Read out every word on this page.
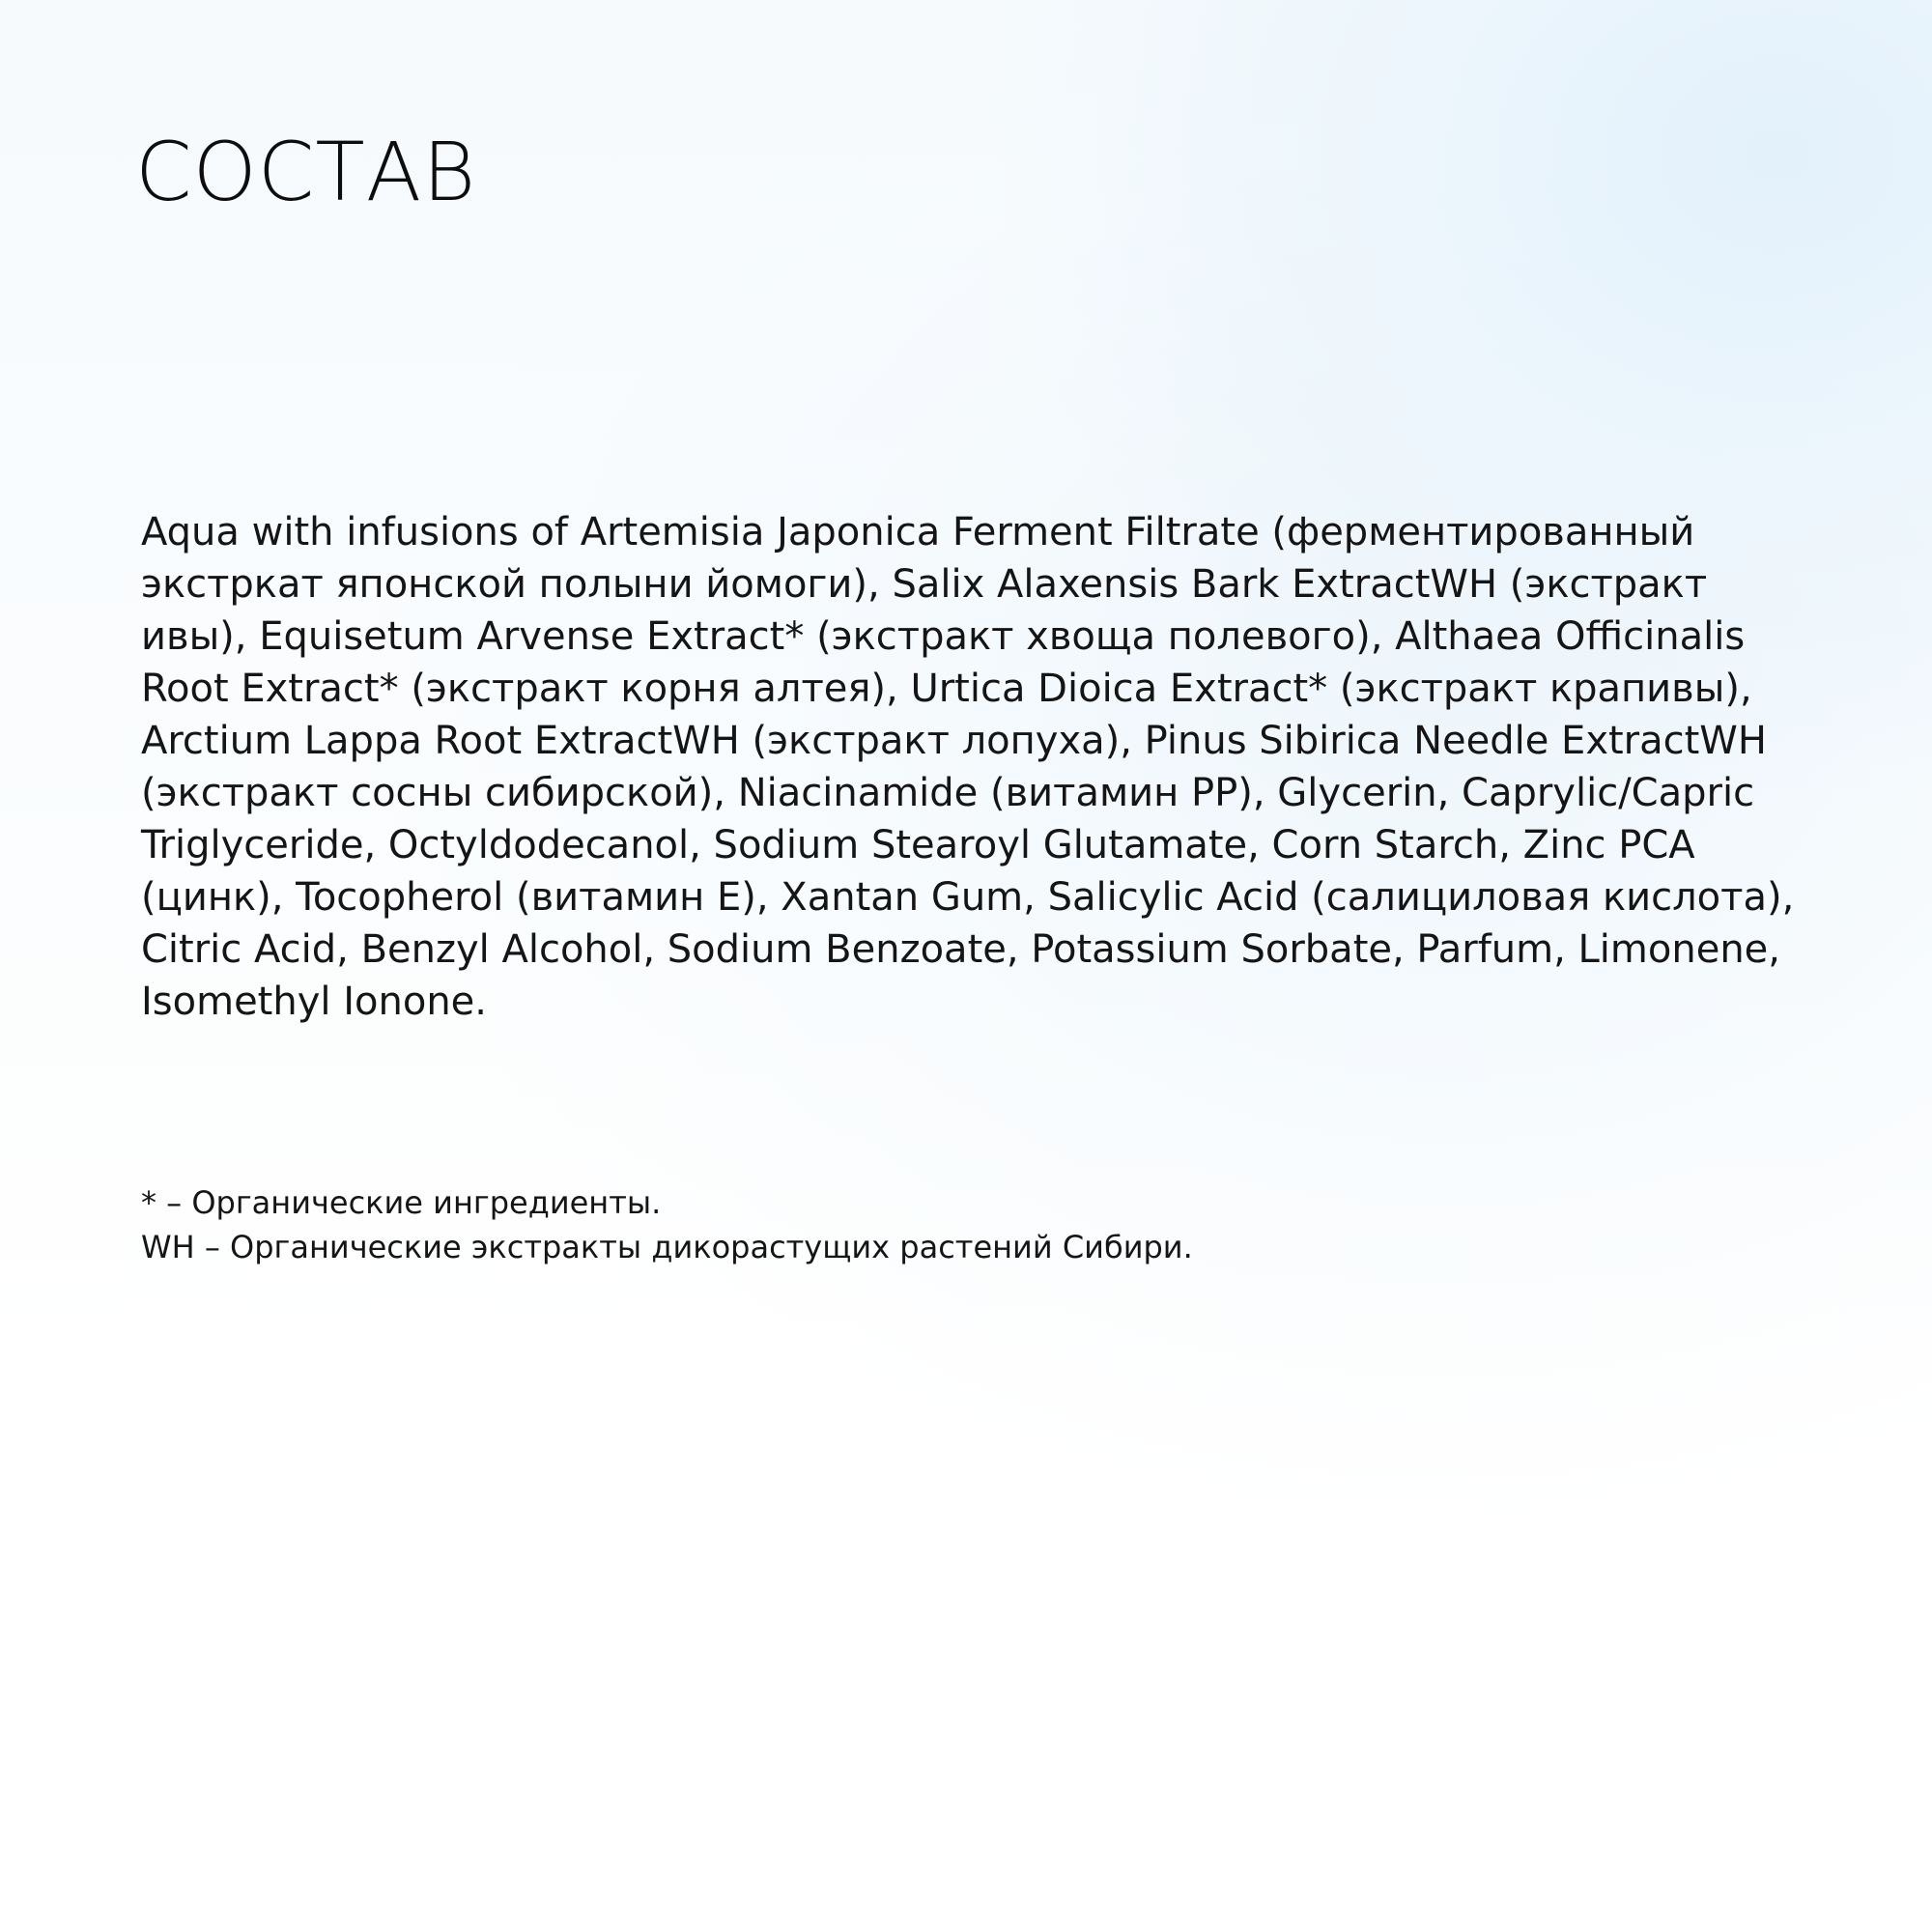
СОСТАВ

Aqua with infusions of Artemisia Japonica Ferment Filtrate (ферментированный экстркат японской полыни йомоги), Salix Alaxensis Bark ExtractWH (экстракт ивы), Equisetum Arvense Extract* (экстракт хвоща полевого), Althaea Officinalis Root Extract* (экстракт корня алтея), Urtica Dioica Extract* (экстракт крапивы), Arctium Lappa Root ExtractWH (экстракт лопуха), Pinus Sibirica Needle ExtractWH (экстракт сосны сибирской), Niacinamide (витамин PP), Glycerin, Caprylic/Capric Triglyceride, Octyldodecanol, Sodium Stearoyl Glutamate, Corn Starch, Zinc PCA (цинк), Tocopherol (витамин E), Xantan Gum, Salicylic Acid (салициловая кислота), Citric Acid, Benzyl Alcohol, Sodium Benzoate, Potassium Sorbate, Parfum, Limonene, Isomethyl Ionone.

* – Органические ингредиенты.
WH – Органические экстракты дикорастущих растений Сибири.
